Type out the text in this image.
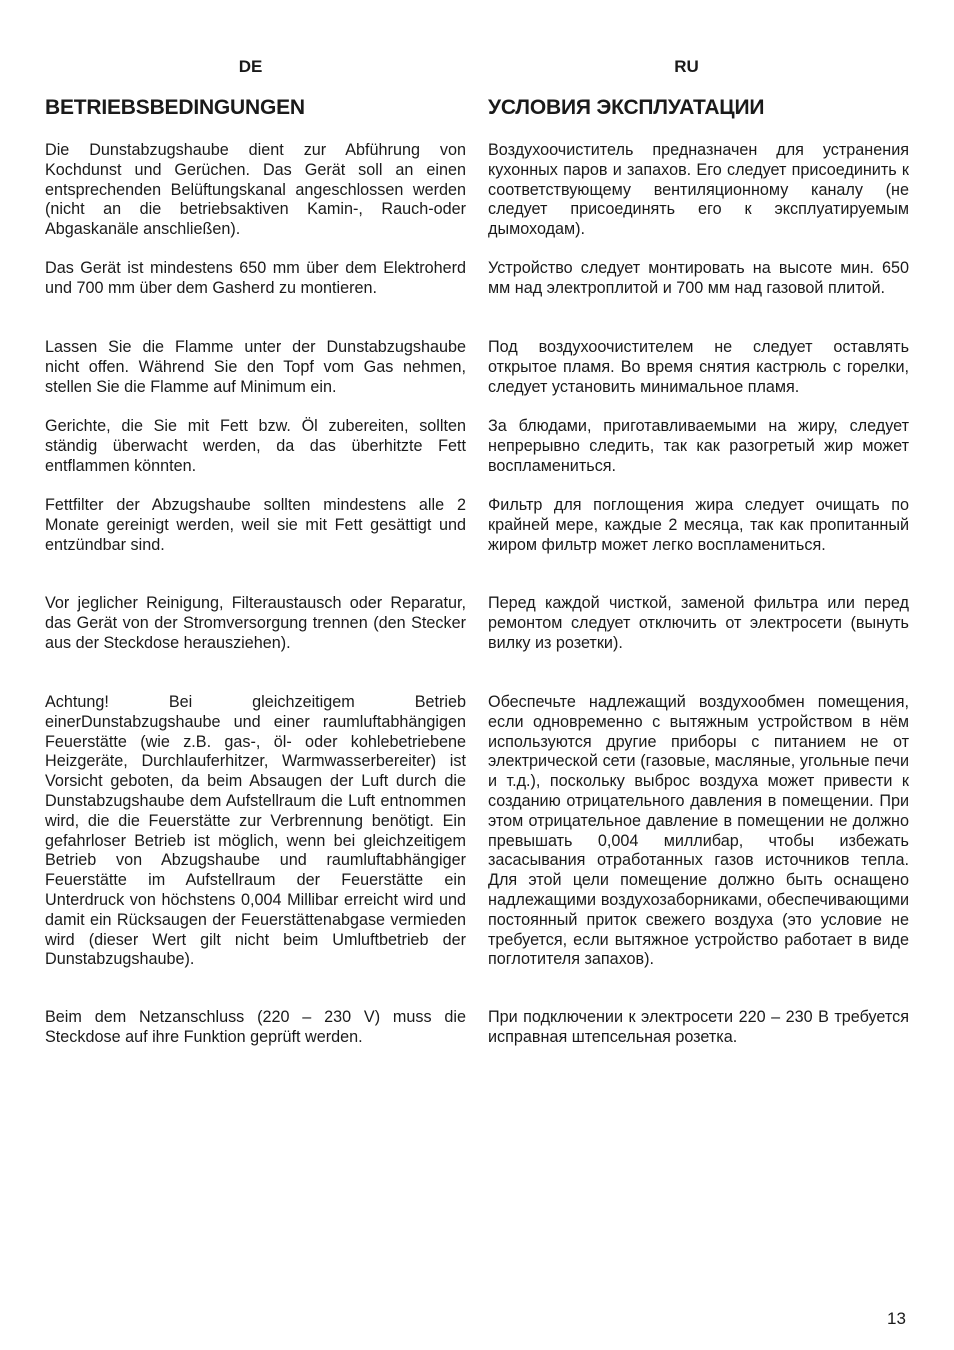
DE

BETRIEBSBEDINGUNGEN

Die Dunstabzugshaube dient zur Abführung von Kochdunst und Gerüchen. Das Gerät soll an einen entsprechenden Belüftungskanal angeschlossen werden (nicht an die betriebsaktiven Kamin-, Rauch-oder Abgaskanäle anschließen).

Das Gerät ist mindestens 650 mm über dem Elektroherd und 700 mm über dem Gasherd zu montieren.

Lassen Sie die Flamme unter der Dunstabzugshaube nicht offen. Während Sie den Topf vom Gas nehmen, stellen Sie die Flamme auf Minimum ein.

Gerichte, die Sie mit Fett bzw. Öl zubereiten, sollten ständig überwacht werden, da das überhitzte Fett entflammen könnten.

Fettfilter der Abzugshaube sollten mindestens alle 2 Monate gereinigt werden, weil sie mit Fett gesättigt und entzündbar sind.

Vor jeglicher Reinigung, Filteraustausch oder Reparatur, das Gerät von der Stromversorgung trennen (den Stecker aus der Steckdose herausziehen).

Achtung! Bei gleichzeitigem Betrieb einerDunstabzugshaube und einer raumluftabhängigen Feuerstätte (wie z.B. gas-, öl- oder kohlebetriebene Heizgeräte, Durchlauferhitzer, Warmwasserbereiter) ist Vorsicht geboten, da beim Absaugen der Luft durch die Dunstabzugshaube dem Aufstellraum die Luft entnommen wird, die die Feuerstätte zur Verbrennung benötigt. Ein gefahrloser Betrieb ist möglich, wenn bei gleichzeitigem Betrieb von Abzugshaube und raumluftabhängiger Feuerstätte im Aufstellraum der Feuerstätte ein Unterdruck von höchstens 0,004 Millibar erreicht wird und damit ein Rücksaugen der Feuerstättenabgase vermieden wird (dieser Wert gilt nicht beim Umluftbetrieb der Dunstabzugshaube).

Beim dem Netzanschluss (220 – 230 V) muss die Steckdose auf ihre Funktion geprüft werden.

RU

УСЛОВИЯ ЭКСПЛУАТАЦИИ

Воздухоочиститель предназначен для устранения кухонных паров и запахов. Его следует присоединить к соответствующему вентиляционному каналу (не следует присоединять его к эксплуатируемым дымоходам).

Устройство следует монтировать на высоте мин. 650 мм над электроплитой и 700 мм над газовой плитой.

Под воздухоочистителем не следует оставлять открытое пламя. Во время снятия кастрюль с горелки, следует установить минимальное пламя.

За блюдами, приготавливаемыми на жиру, следует непрерывно следить, так как разогретый жир может воспламениться.

Фильтр для поглощения жира следует очищать по крайней мере, каждые 2 месяца, так как пропитанный жиром фильтр может легко воспламениться.

Перед каждой чисткой, заменой фильтра или перед ремонтом следует отключить от электросети (вынуть вилку из розетки).

Обеспечьте надлежащий воздухообмен помещения, если одновременно с вытяжным устройством в нём используются другие приборы с питанием не от электрической сети (газовые, масляные, угольные печи и т.д.), поскольку выброс воздуха может привести к созданию отрицательного давления в помещении. При этом отрицательное давление в помещении не должно превышать 0,004 миллибар, чтобы избежать засасывания отработанных газов источников тепла. Для этой цели помещение должно быть оснащено надлежащими воздухозаборниками, обеспечивающими постоянный приток свежего воздуха (это условие не требуется, если вытяжное устройство работает в виде поглотителя запахов).

При подключении к электросети 220 – 230 В требуется исправная штепсельная розетка.

13
